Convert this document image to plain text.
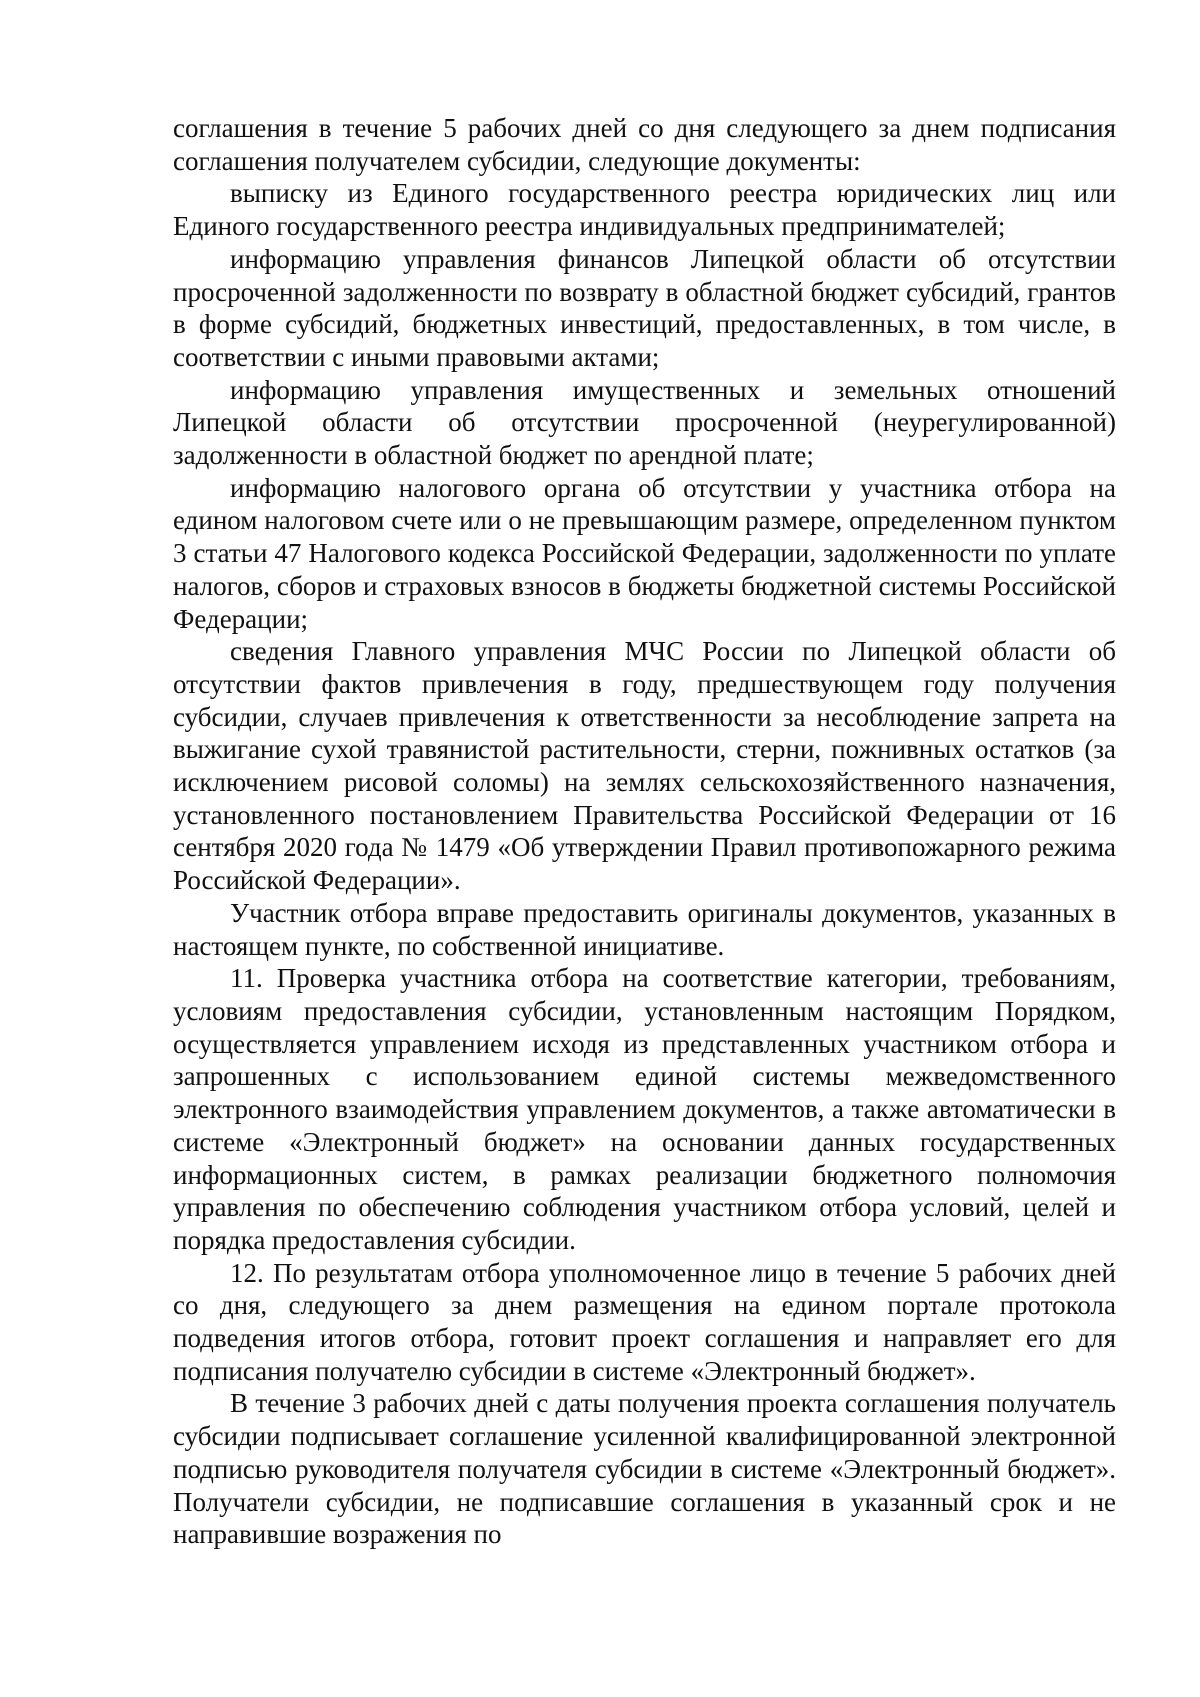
соглашения в течение 5 рабочих дней со дня следующего за днем подписания соглашения получателем субсидии, следующие документы:

выписку из Единого государственного реестра юридических лиц или Единого государственного реестра индивидуальных предпринимателей;

информацию управления финансов Липецкой области об отсутствии просроченной задолженности по возврату в областной бюджет субсидий, грантов в форме субсидий, бюджетных инвестиций, предоставленных, в том числе, в соответствии с иными правовыми актами;

информацию управления имущественных и земельных отношений Липецкой области об отсутствии просроченной (неурегулированной) задолженности в областной бюджет по арендной плате;

информацию налогового органа об отсутствии у участника отбора на едином налоговом счете или о не превышающим размере, определенном пунктом 3 статьи 47 Налогового кодекса Российской Федерации, задолженности по уплате налогов, сборов и страховых взносов в бюджеты бюджетной системы Российской Федерации;

сведения Главного управления МЧС России по Липецкой области об отсутствии фактов привлечения в году, предшествующем году получения субсидии, случаев привлечения к ответственности за несоблюдение запрета на выжигание сухой травянистой растительности, стерни, пожнивных остатков (за исключением рисовой соломы) на землях сельскохозяйственного назначения, установленного постановлением Правительства Российской Федерации от 16 сентября 2020 года № 1479 «Об утверждении Правил противопожарного режима Российской Федерации».

Участник отбора вправе предоставить оригиналы документов, указанных в настоящем пункте, по собственной инициативе.

11. Проверка участника отбора на соответствие категории, требованиям, условиям предоставления субсидии, установленным настоящим Порядком, осуществляется управлением исходя из представленных участником отбора и запрошенных с использованием единой системы межведомственного электронного взаимодействия управлением документов, а также автоматически в системе «Электронный бюджет» на основании данных государственных информационных систем, в рамках реализации бюджетного полномочия управления по обеспечению соблюдения участником отбора условий, целей и порядка предоставления субсидии.

12. По результатам отбора уполномоченное лицо в течение 5 рабочих дней со дня, следующего за днем размещения на едином портале протокола подведения итогов отбора, готовит проект соглашения и направляет его для подписания получателю субсидии в системе «Электронный бюджет».

В течение 3 рабочих дней с даты получения проекта соглашения получатель субсидии подписывает соглашение усиленной квалифицированной электронной подписью руководителя получателя субсидии в системе «Электронный бюджет». Получатели субсидии, не подписавшие соглашения в указанный срок и не направившие возражения по
